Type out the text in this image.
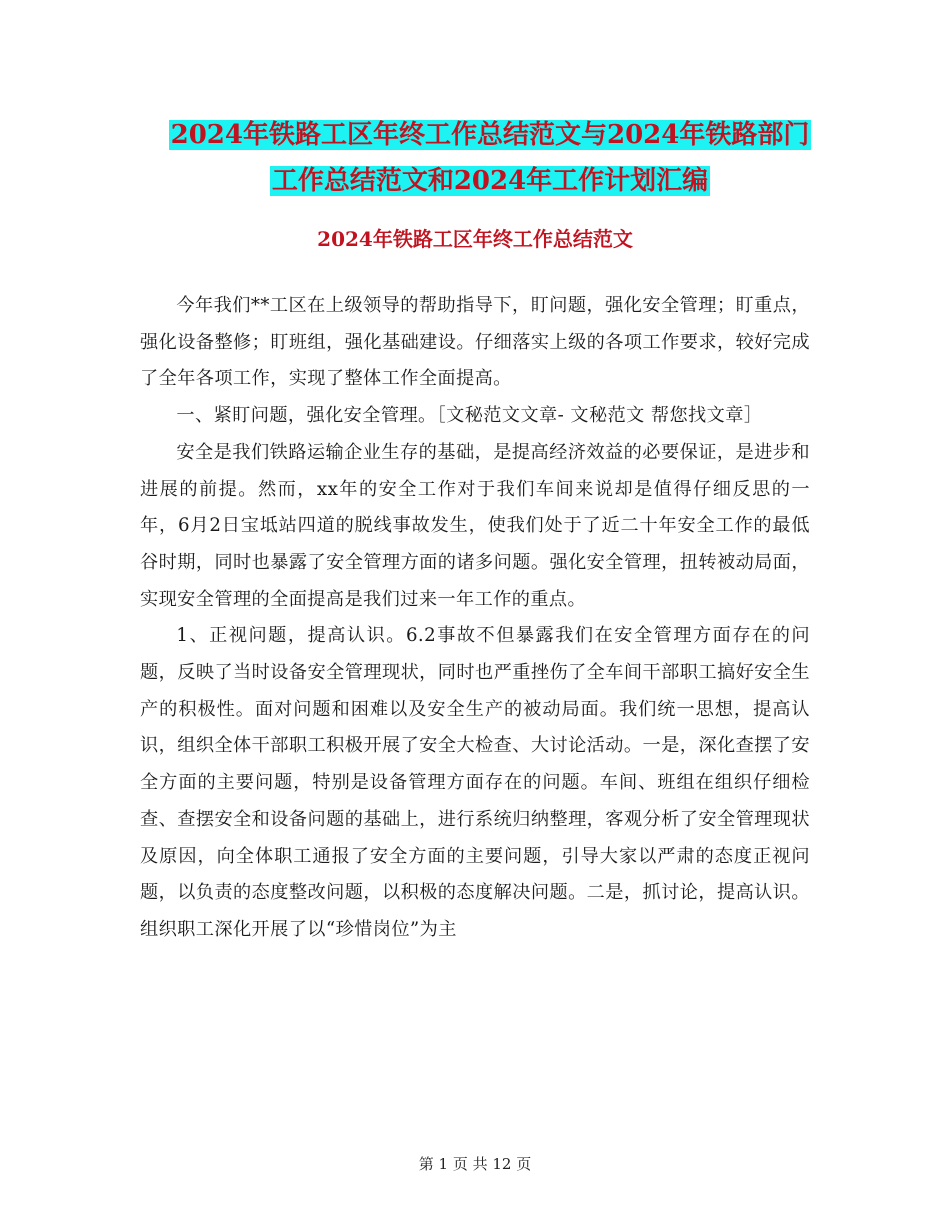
2024年铁路工区年终工作总结范文与2024年铁路部门
工作总结范文和2024年工作计划汇编
2024年铁路工区年终工作总结范文

今年我们**工区在上级领导的帮助指导下，盯问题，强化安全管理；盯重点，强化设备整修；盯班组，强化基础建设。仔细落实上级的各项工作要求，较好完成了全年各项工作，实现了整体工作全面提高。

一、紧盯问题，强化安全管理。［文秘范文文章- 文秘范文 帮您找文章］

安全是我们铁路运输企业生存的基础，是提高经济效益的必要保证，是进步和进展的前提。然而，xx年的安全工作对于我们车间来说却是值得仔细反思的一年，6月2日宝坻站四道的脱线事故发生，使我们处于了近二十年安全工作的最低谷时期，同时也暴露了安全管理方面的诸多问题。强化安全管理，扭转被动局面，实现安全管理的全面提高是我们过来一年工作的重点。

1、正视问题，提高认识。6.2事故不但暴露我们在安全管理方面存在的问题，反映了当时设备安全管理现状，同时也严重挫伤了全车间干部职工搞好安全生产的积极性。面对问题和困难以及安全生产的被动局面。我们统一思想，提高认识，组织全体干部职工积极开展了安全大检查、大讨论活动。一是，深化查摆了安全方面的主要问题，特别是设备管理方面存在的问题。车间、班组在组织仔细检查、查摆安全和设备问题的基础上，进行系统归纳整理，客观分析了安全管理现状及原因，向全体职工通报了安全方面的主要问题，引导大家以严肃的态度正视问题，以负责的态度整改问题，以积极的态度解决问题。二是，抓讨论，提高认识。组织职工深化开展了以“珍惜岗位”为主

第 1 页 共 12 页
